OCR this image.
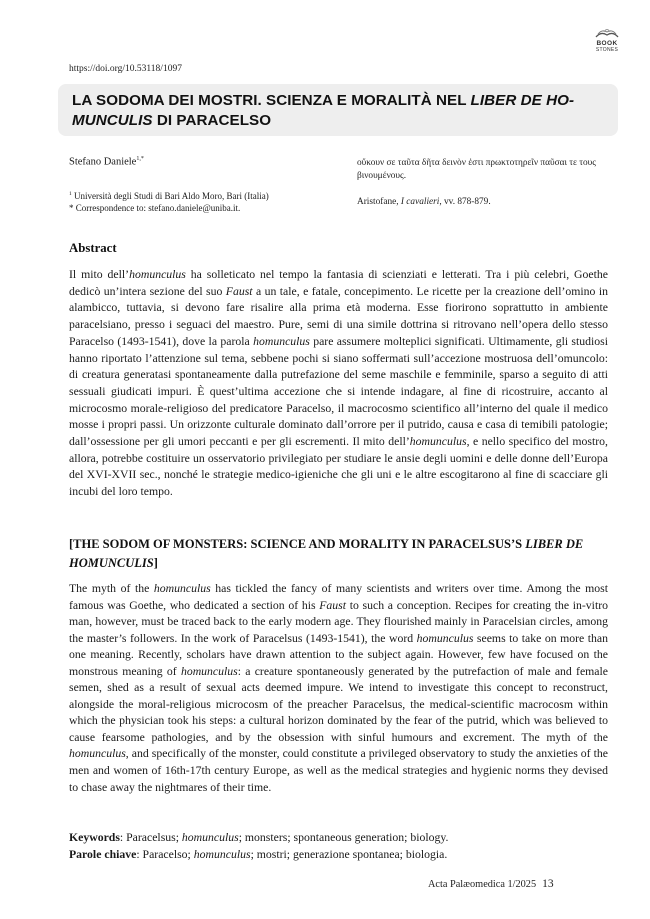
BOOK
STONES
https://doi.org/10.53118/1097
LA SODOMA DEI MOSTRI. SCIENZA E MORALITÀ NEL LIBER DE HO-MUNCULIS DI PARACELSO
Stefano Daniele$^{1,*}$
$^1$ Università degli Studi di Bari Aldo Moro, Bari (Italia)
* Correspondence to: stefano.daniele@uniba.it.
οὔκουν σε ταῦτα δῆτα δεινὸν ἐστι πρωκτοτηρεῖν παῦσαι τε τους βινουμένους.
Aristofane, I cavalieri, vv. 878-879.
Abstract
Il mito dell’homunculus ha solleticato nel tempo la fantasia di scienziati e letterati. Tra i più celebri, Goethe dedicò un’intera sezione del suo Faust a un tale, e fatale, concepimento. Le ricette per la creazione dell’omino in alambicco, tuttavia, si devono fare risalire alla prima età moderna. Esse fiorirono soprattutto in ambiente paracelsiano, presso i seguaci del maestro. Pure, semi di una simile dottrina si ritrovano nell’opera dello stesso Paracelso (1493-1541), dove la parola homunculus pare assumere molteplici significati. Ultimamente, gli studiosi hanno riportato l’attenzione sul tema, sebbene pochi si siano soffermati sull’accezione mostruosa dell’omuncolo: di creatura generatasi spontaneamente dalla putrefazione del seme maschile e femminile, sparso a seguito di atti sessuali giudicati impuri. È quest’ultima accezione che si intende indagare, al fine di ricostruire, accanto al microcosmo morale-religioso del predicatore Paracelso, il macrocosmo scientifico all’interno del quale il medico mosse i propri passi. Un orizzonte culturale dominato dall’orrore per il putrido, causa e casa di temibili patologie; dall’ossessione per gli umori peccanti e per gli escrementi. Il mito dell’homunculus, e nello specifico del mostro, allora, potrebbe costituire un osservatorio privilegiato per studiare le ansie degli uomini e delle donne dell’Europa del XVI-XVII sec., nonché le strategie medico-igieniche che gli uni e le altre escogitarono al fine di scacciare gli incubi del loro tempo.
[THE SODOM OF MONSTERS: SCIENCE AND MORALITY IN PARACELSUS’S LIBER DE HOMUNCULIS]
The myth of the homunculus has tickled the fancy of many scientists and writers over time. Among the most famous was Goethe, who dedicated a section of his Faust to such a conception. Recipes for creating the in-vitro man, however, must be traced back to the early modern age. They flourished mainly in Paracelsian circles, among the master’s followers. In the work of Paracelsus (1493-1541), the word homunculus seems to take on more than one meaning. Recently, scholars have drawn attention to the subject again. However, few have focused on the monstrous meaning of homunculus: a creature spontaneously generated by the putrefaction of male and female semen, shed as a result of sexual acts deemed impure. We intend to investigate this concept to reconstruct, alongside the moral-religious microcosm of the preacher Paracelsus, the medical-scientific macrocosm within which the physician took his steps: a cultural horizon dominated by the fear of the putrid, which was believed to cause fearsome pathologies, and by the obsession with sinful humours and excrement. The myth of the homunculus, and specifically of the monster, could constitute a privileged observatory to study the anxieties of the men and women of 16th-17th century Europe, as well as the medical strategies and hygienic norms they devised to chase away the nightmares of their time.
Keywords: Paracelsus; homunculus; monsters; spontaneous generation; biology.
Parole chiave: Paracelso; homunculus; mostri; generazione spontanea; biologia.
Acta Palæomedica 1/2025 13
